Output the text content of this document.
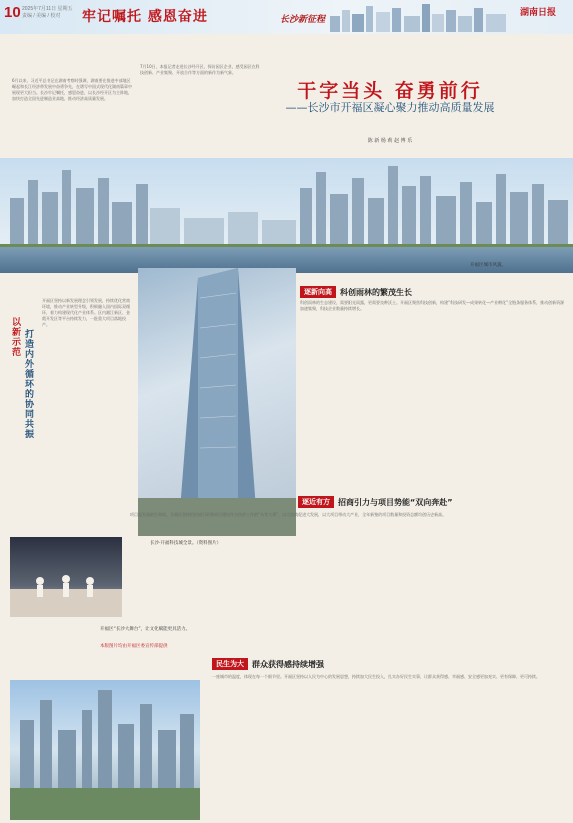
10 2025年7月11日 星期五
责编 / 美编 / 校对	牢记嘱托 感恩奋进	长沙新征程
湖南日报
6月以来，习近平总书记在湖南考察时强调，湖南要在推进中部地区崛起和长江经济带发展中奋勇争先，在谱写中国式现代化湖南篇章中展现更大担当。长沙牢记嘱托，感恩奋进，以长沙经开区为主阵地，加快打造全国先进制造业高地，推动经济高质量发展。
7月10日，本报记者走进长沙经开区，探访园区企业，感受园区在科技创新、产业集聚、开放合作等方面的新作为新气象。
干字当头 奋勇前行
——长沙市开福区凝心聚力推动高质量发展
陈 新 杨 莉 赵 博 乐
开福区城市风貌。
以新示范
打造内外循环的协同共振
开福区坚持以新发展理念引领发展，持续优化营商环境，推动产业转型升级，积极融入国内国际双循环，着力构建现代化产业体系。区内湘江新区、金霞开发区等平台持续发力，一批重大项目落地投产。
长沙·开福科技城全景。（资料图片）
逐新向高	科创雨林的繁茂生长
科创雨林的生态建设，需要阳光雨露，更需要良种沃土。开福区聚焦科技创新，构建“科技研发—成果转化—产业孵化”全链条服务体系，推动创新资源加速集聚，科技企业数量持续增长。
逐近有方	招商引力与项目势能“双向奔赴”
项目是发展的生命线。开福区坚持把招商引资和项目建设作为经济工作的“头等大事”，以大招商促进大发展，以大项目带动大产业，全年新签约项目数量和投资总额均创历史新高。
开福区“长沙大舞台”，让文化赋能更具活力。
本版图片均由开福区委宣传部提供
民生为大	群众获得感持续增强
一座城市的温度，体现在每一个细节里。开福区坚持以人民为中心的发展思想，持续加大民生投入，扎实办好民生实事，让群众获得感、幸福感、安全感更加充实、更有保障、更可持续。
